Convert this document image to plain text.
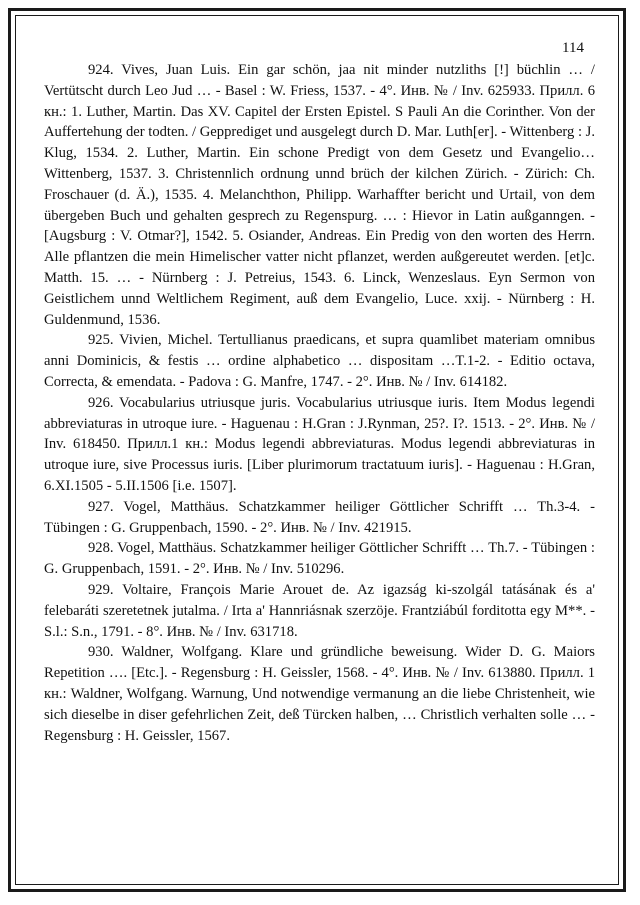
114

924. Vives, Juan Luis. Ein gar schön, jaa nit minder nutzliths [!] büchlin … / Vertütscht durch Leo Jud … - Basel : W. Friess, 1537. - 4°. Инв. № / Inv. 625933. Прилл. 6 кн.: 1. Luther, Martin. Das XV. Capitel der Ersten Epistel. S Pauli An die Corinther. Von der Auffertehung der todten. / Gepprediget und ausgelegt durch D. Mar. Luth[er]. - Wittenberg : J. Klug, 1534. 2. Luther, Martin. Ein schone Predigt von dem Gesetz und Evangelio… Wittenberg, 1537. 3. Christennlich ordnung unnd brüch der kilchen Zürich. - Zürich: Ch. Froschauer (d. Ä.), 1535. 4. Melanchthon, Philipp. Warhaffter bericht und Urtail, von dem übergeben Buch und gehalten gesprech zu Regenspurg. … : Hievor in Latin außganngen. - [Augsburg : V. Otmar?], 1542. 5. Osiander, Andreas. Ein Predig von den worten des Herrn. Alle pflantzen die mein Himelischer vatter nicht pflanzet, werden außgereutet werden. [et]c. Matth. 15. … - Nürnberg : J. Petreius, 1543. 6. Linck, Wenzeslaus. Eyn Sermon von Geistlichem unnd Weltlichem Regiment, auß dem Evangelio, Luce. xxij. - Nürnberg : H. Guldenmund, 1536.

925. Vivien, Michel. Tertullianus praedicans, et supra quamlibet materiam omnibus anni Dominicis, & festis … ordine alphabetico … dispositam …T.1-2. - Editio octava, Correcta, & emendata. - Padova : G. Manfre, 1747. - 2°. Инв. № / Inv. 614182.

926. Vocabularius utriusque juris. Vocabularius utriusque iuris. Item Modus legendi abbreviaturas in utroque iure. - Haguenau : H.Gran : J.Rynman, 25?. I?. 1513. - 2°. Инв. № / Inv. 618450. Прилл.1 кн.: Modus legendi abbreviaturas. Modus legendi abbreviaturas in utroque iure, sive Processus iuris. [Liber plurimorum tractatuum iuris]. - Haguenau : H.Gran, 6.XI.1505 - 5.II.1506 [i.e. 1507].

927. Vogel, Matthäus. Schatzkammer heiliger Göttlicher Schrifft … Th.3-4. - Tübingen : G. Gruppenbach, 1590. - 2°. Инв. № / Inv. 421915.

928. Vogel, Matthäus. Schatzkammer heiliger Göttlicher Schrifft … Th.7. - Tübingen : G. Gruppenbach, 1591. - 2°. Инв. № / Inv. 510296.

929. Voltaire, François Marie Arouet de. Az igazság ki-szolgál tatásának és a' felebaráti szeretetnek jutalma. / Irta a' Hannriásnak szerzöje. Frantziábúl forditotta egy M**. - S.l.: S.n., 1791. - 8°. Инв. № / Inv. 631718.

930. Waldner, Wolfgang. Klare und gründliche beweisung. Wider D. G. Maiors Repetition …. [Etc.]. - Regensburg : H. Geissler, 1568. - 4°. Инв. № / Inv. 613880. Прилл. 1 кн.: Waldner, Wolfgang. Warnung, Und notwendige vermanung an die liebe Christenheit, wie sich dieselbe in diser gefehrlichen Zeit, deß Türcken halben, … Christlich verhalten solle … - Regensburg : H. Geissler, 1567.
